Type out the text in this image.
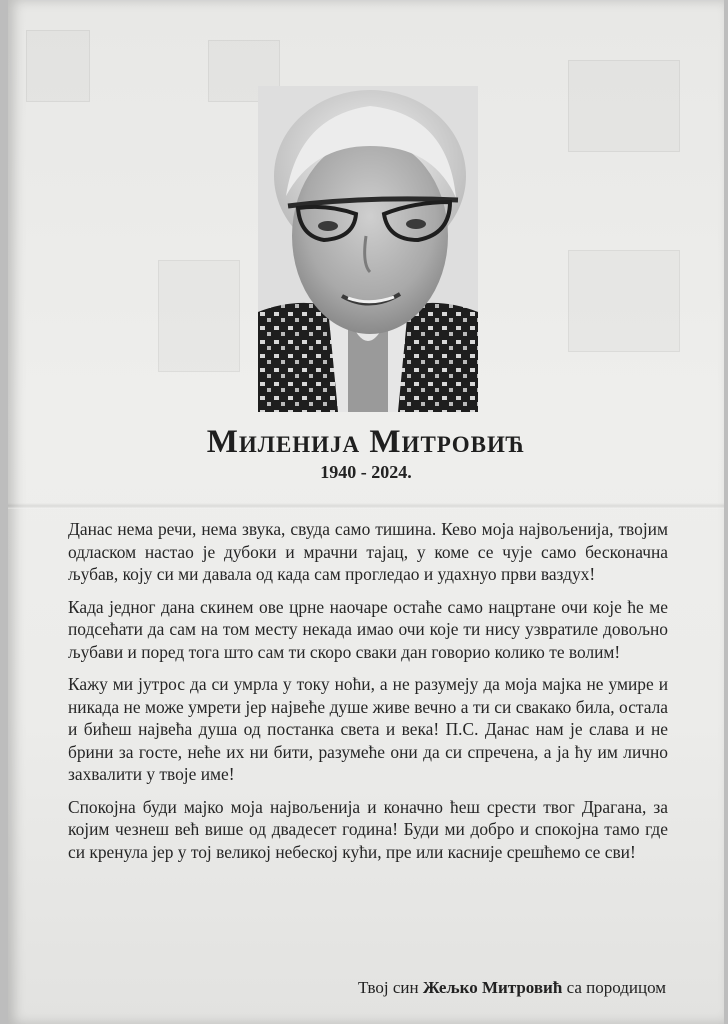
Миленија Митровић
1940 - 2024.

Данас нема речи, нема звука, свуда само тишина. Кево моја највољенија, твојим одласком настао је дубоки и мрачни тајац, у коме се чује само бесконачна љубав, коју си ми давала од када сам прогледао и удахнуо први ваздух!

Када једног дана скинем ове црне наочаре остаће само нацртане очи које ће ме подсећати да сам на том месту некада имао очи које ти нису узвратиле довољно љубави и поред тога што сам ти скоро сваки дан говорио колико те волим!

Кажу ми јутрос да си умрла у току ноћи, а не разумеју да моја мајка не умире и никада не може умрети јер највеће душе живе вечно а ти си свакако била, остала и бићеш највећа душа од постанка света и века! П.С. Данас нам је слава и не брини за госте, неће их ни бити, разумеће они да си спречена, а ја ћу им лично захвалити у твоје име!

Спокојна буди мајко моја највољенија и коначно ћеш срести твог Драгана, за којим чезнеш већ више од двадесет година! Буди ми добро и спокојна тамо где си кренула јер у тој великој небеској кући, пре или касније срешћемо се сви!

Твој син Жељко Митровић са породицом
